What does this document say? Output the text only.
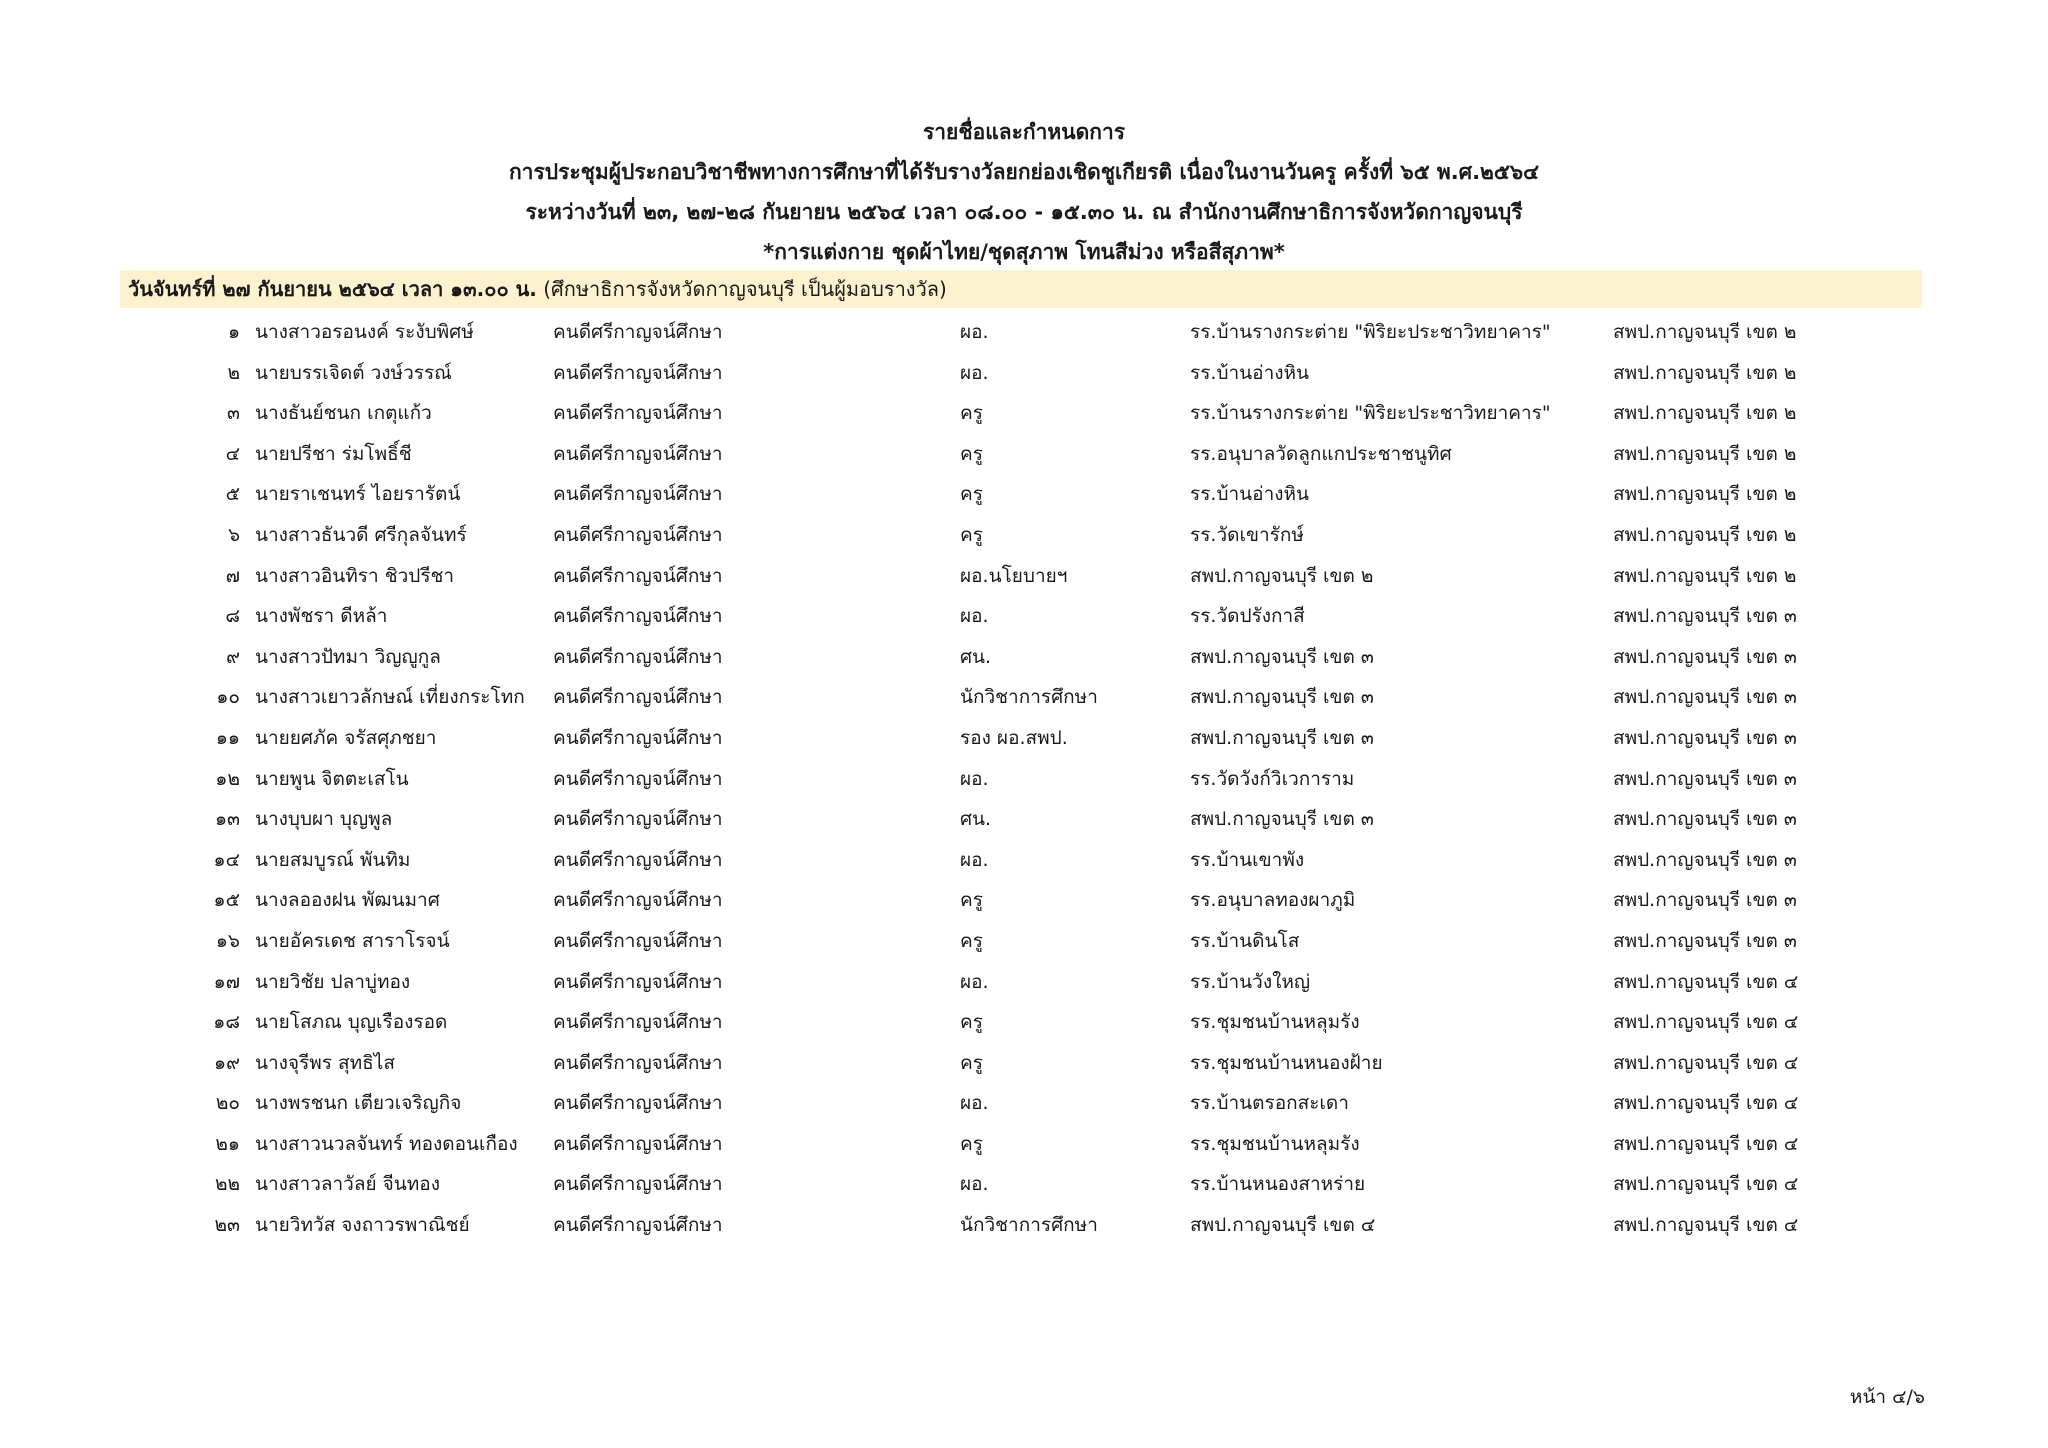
รายชื่อและกำหนดการ
การประชุมผู้ประกอบวิชาชีพทางการศึกษาที่ได้รับรางวัลยกย่องเชิดชูเกียรติ เนื่องในงานวันครู ครั้งที่ ๖๕ พ.ศ.๒๕๖๔
ระหว่างวันที่ ๒๓, ๒๗-๒๘ กันยายน ๒๕๖๔ เวลา ๐๘.๐๐ - ๑๕.๓๐ น. ณ สำนักงานศึกษาธิการจังหวัดกาญจนบุรี
*การแต่งกาย ชุดผ้าไทย/ชุดสุภาพ โทนสีม่วง หรือสีสุภาพ*
วันจันทร์ที่ ๒๗ กันยายน ๒๕๖๔ เวลา ๑๓.๐๐ น. (ศึกษาธิการจังหวัดกาญจนบุรี เป็นผู้มอบรางวัล)
๑ นางสาวอรอนงค์ ระงับพิศษ์	คนดีศรีกาญจน์ศึกษา	ผอ.	รร.บ้านรางกระต่าย "พิริยะประชาวิทยาคาร"	สพป.กาญจนบุรี เขต ๒
๒ นายบรรเจิดต์ วงษ์วรรณ์	คนดีศรีกาญจน์ศึกษา	ผอ.	รร.บ้านอ่างหิน	สพป.กาญจนบุรี เขต ๒
๓ นางธันย์ชนก เกตุแก้ว	คนดีศรีกาญจน์ศึกษา	ครู	รร.บ้านรางกระต่าย "พิริยะประชาวิทยาคาร"	สพป.กาญจนบุรี เขต ๒
๔ นายปรีชา ร่มโพธิ์ชี	คนดีศรีกาญจน์ศึกษา	ครู	รร.อนุบาลวัดลูกแกประชาชนูทิศ	สพป.กาญจนบุรี เขต ๒
๕ นายราเชนทร์ ไอยรารัตน์	คนดีศรีกาญจน์ศึกษา	ครู	รร.บ้านอ่างหิน	สพป.กาญจนบุรี เขต ๒
๖ นางสาวธันวดี ศรีกุลจันทร์	คนดีศรีกาญจน์ศึกษา	ครู	รร.วัดเขารักษ์	สพป.กาญจนบุรี เขต ๒
๗ นางสาวอินทิรา ชิวปรีชา	คนดีศรีกาญจน์ศึกษา	ผอ.นโยบายฯ	สพป.กาญจนบุรี เขต ๒	สพป.กาญจนบุรี เขต ๒
๘ นางพัชรา ดีหล้า	คนดีศรีกาญจน์ศึกษา	ผอ.	รร.วัดปรังกาสี	สพป.กาญจนบุรี เขต ๓
๙ นางสาวปัทมา วิญญูกูล	คนดีศรีกาญจน์ศึกษา	ศน.	สพป.กาญจนบุรี เขต ๓	สพป.กาญจนบุรี เขต ๓
๑๐ นางสาวเยาวลักษณ์ เที่ยงกระโทก	คนดีศรีกาญจน์ศึกษา	นักวิชาการศึกษา	สพป.กาญจนบุรี เขต ๓	สพป.กาญจนบุรี เขต ๓
๑๑ นายยศภัค จรัสศุภชยา	คนดีศรีกาญจน์ศึกษา	รอง ผอ.สพป.	สพป.กาญจนบุรี เขต ๓	สพป.กาญจนบุรี เขต ๓
๑๒ นายพูน จิตตะเสโน	คนดีศรีกาญจน์ศึกษา	ผอ.	รร.วัดวังก์วิเวการาม	สพป.กาญจนบุรี เขต ๓
๑๓ นางบุบผา บุญพูล	คนดีศรีกาญจน์ศึกษา	ศน.	สพป.กาญจนบุรี เขต ๓	สพป.กาญจนบุรี เขต ๓
๑๔ นายสมบูรณ์ พันทิม	คนดีศรีกาญจน์ศึกษา	ผอ.	รร.บ้านเขาพัง	สพป.กาญจนบุรี เขต ๓
๑๕ นางลอองฝน พัฒนมาศ	คนดีศรีกาญจน์ศึกษา	ครู	รร.อนุบาลทองผาภูมิ	สพป.กาญจนบุรี เขต ๓
๑๖ นายอัครเดช สาราโรจน์	คนดีศรีกาญจน์ศึกษา	ครู	รร.บ้านดินโส	สพป.กาญจนบุรี เขต ๓
๑๗ นายวิชัย ปลาบู่ทอง	คนดีศรีกาญจน์ศึกษา	ผอ.	รร.บ้านวังใหญ่	สพป.กาญจนบุรี เขต ๔
๑๘ นายโสภณ บุญเรืองรอด	คนดีศรีกาญจน์ศึกษา	ครู	รร.ชุมชนบ้านหลุมรัง	สพป.กาญจนบุรี เขต ๔
๑๙ นางจุรีพร สุทธิไส	คนดีศรีกาญจน์ศึกษา	ครู	รร.ชุมชนบ้านหนองฝ้าย	สพป.กาญจนบุรี เขต ๔
๒๐ นางพรชนก เตียวเจริญกิจ	คนดีศรีกาญจน์ศึกษา	ผอ.	รร.บ้านตรอกสะเดา	สพป.กาญจนบุรี เขต ๔
๒๑ นางสาวนวลจันทร์ ทองดอนเกือง	คนดีศรีกาญจน์ศึกษา	ครู	รร.ชุมชนบ้านหลุมรัง	สพป.กาญจนบุรี เขต ๔
๒๒ นางสาวลาวัลย์ จีนทอง	คนดีศรีกาญจน์ศึกษา	ผอ.	รร.บ้านหนองสาหร่าย	สพป.กาญจนบุรี เขต ๔
๒๓ นายวิทวัส จงถาวรพาณิชย์	คนดีศรีกาญจน์ศึกษา	นักวิชาการศึกษา	สพป.กาญจนบุรี เขต ๔	สพป.กาญจนบุรี เขต ๔
หน้า ๔/๖
